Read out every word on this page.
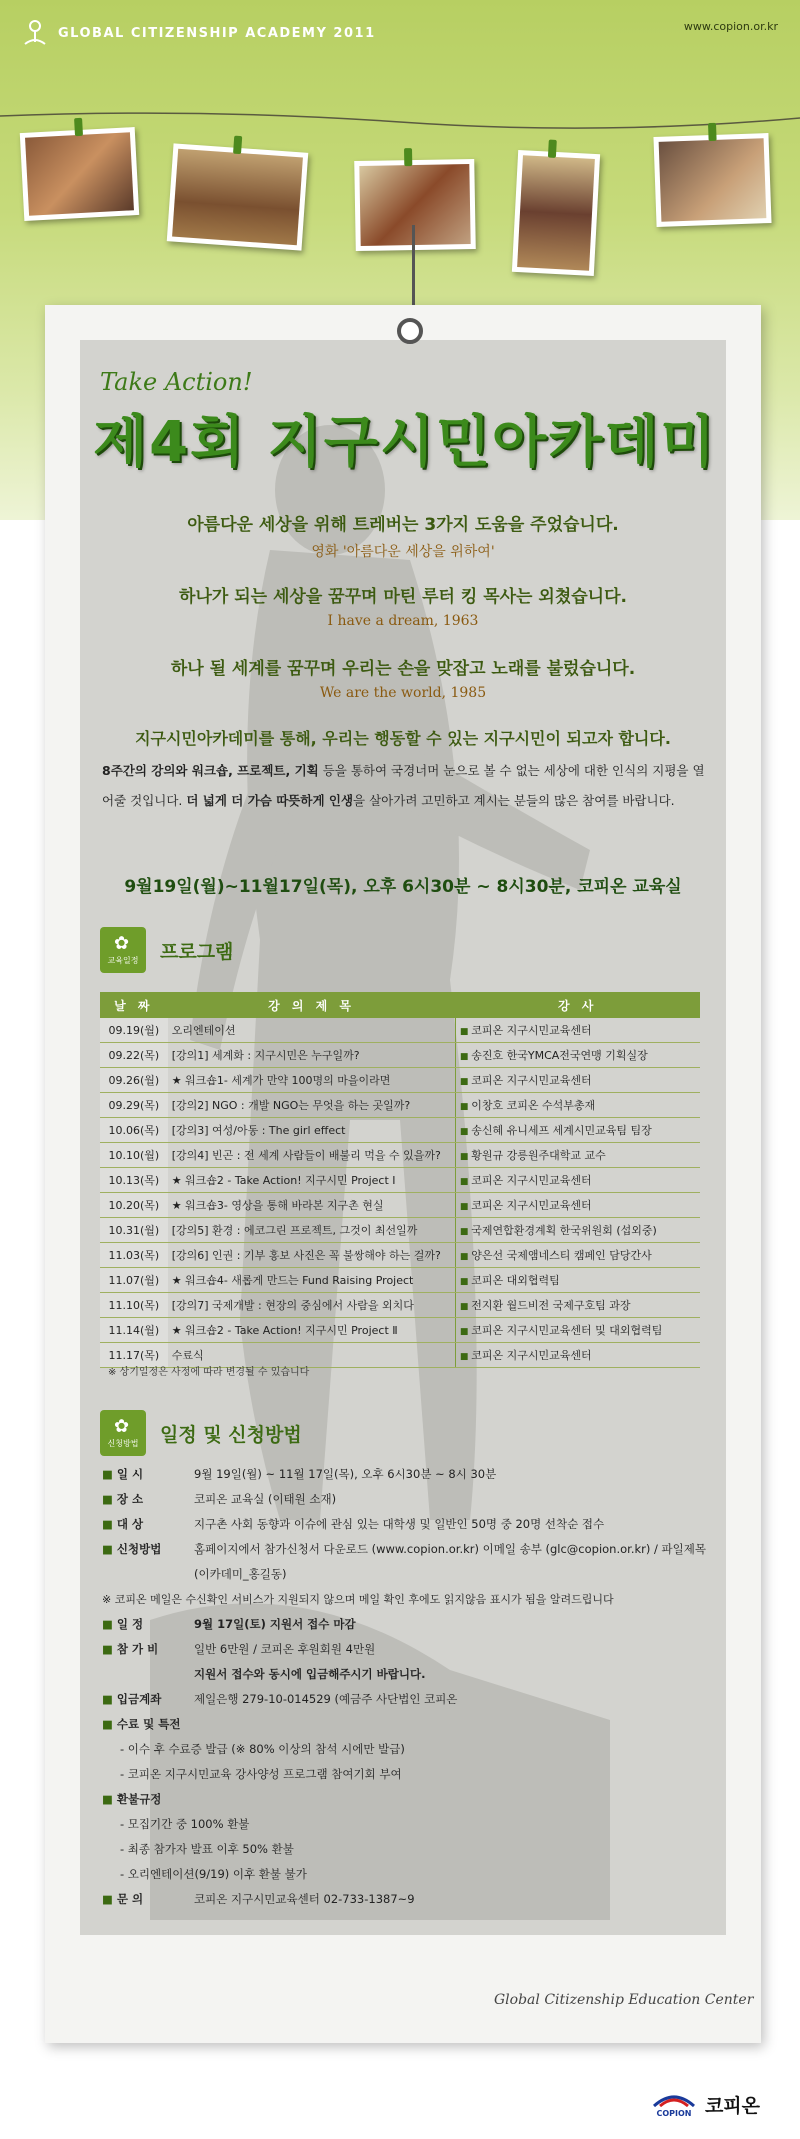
GLOBAL CITIZENSHIP ACADEMY 2011	www.copion.or.kr
Take Action!
제4회 지구시민아카데미
아름다운 세상을 위해 트레버는 3가지 도움을 주었습니다.
영화 '아름다운 세상을 위하여'
하나가 되는 세상을 꿈꾸며 마틴 루터 킹 목사는 외쳤습니다.
I have a dream, 1963
하나 될 세계를 꿈꾸며 우리는 손을 맞잡고 노래를 불렀습니다.
We are the world, 1985
지구시민아카데미를 통해, 우리는 행동할 수 있는 지구시민이 되고자 합니다.
8주간의 강의와 워크숍, 프로젝트, 기획 등을 통하여 국경너머 눈으로 볼 수 없는 세상에 대한 인식의 지평을 열어줄 것입니다. 더 넓게 더 가슴 따뜻하게 인생을 살아가려 고민하고 계시는 분들의 많은 참여를 바랍니다.
9월19일(월)~11월17일(목), 오후 6시30분 ~ 8시30분, 코피온 교육실
✿
교육일정	프로그램
날 짜	강 의 제 목	강 사
09.19(월)	오리엔테이션	■ 코피온 지구시민교육센터
09.22(목)	[강의1] 세계화 : 지구시민은 누구일까?	■ 송진호 한국YMCA전국연맹 기획실장
09.26(월)	★ 워크숍1- 세계가 만약 100명의 마을이라면	■ 코피온 지구시민교육센터
09.29(목)	[강의2] NGO : 개발 NGO는 무엇을 하는 곳일까?	■ 이창호 코피온 수석부총재
10.06(목)	[강의3] 여성/아동 : The girl effect	■ 송신혜 유니세프 세계시민교육팀 팀장
10.10(월)	[강의4] 빈곤 : 전 세계 사람들이 배불리 먹을 수 있을까?	■ 황원규 강릉원주대학교 교수
10.13(목)	★ 워크숍2 - Take Action! 지구시민 Project Ⅰ	■ 코피온 지구시민교육센터
10.20(목)	★ 워크숍3- 영상을 통해 바라본 지구촌 현실	■ 코피온 지구시민교육센터
10.31(월)	[강의5] 환경 : 에코그린 프로젝트, 그것이 최선일까	■ 국제연합환경계획 한국위원회 (섭외중)
11.03(목)	[강의6] 인권 : 기부 홍보 사진은 꼭 불쌍해야 하는 걸까?	■ 양은선 국제앰네스티 캠페인 담당간사
11.07(월)	★ 워크숍4- 새롭게 만드는 Fund Raising Project	■ 코피온 대외협력팀
11.10(목)	[강의7] 국제개발 : 현장의 중심에서 사람을 외치다	■ 전지환 월드비전 국제구호팀 과장
11.14(월)	★ 워크숍2 - Take Action! 지구시민 Project Ⅱ	■ 코피온 지구시민교육센터 및 대외협력팀
11.17(목)	수료식	■ 코피온 지구시민교육센터
※ 상기일정은 사정에 따라 변경될 수 있습니다
✿
신청방법	일정 및 신청방법
■ 일 시	9월 19일(월) ~ 11월 17일(목), 오후 6시30분 ~ 8시 30분
■ 장 소	코피온 교육실 (이태원 소재)
■ 대 상	지구촌 사회 동향과 이슈에 관심 있는 대학생 및 일반인 50명 중 20명 선착순 접수
■ 신청방법	홈페이지에서 참가신청서 다운로드 (www.copion.or.kr) 이메일 송부 (glc@copion.or.kr) / 파일제목
(이카데미_홍길동)
※ 코피온 메일은 수신확인 서비스가 지원되지 않으며 메일 확인 후에도 읽지않음 표시가 됨을 알려드립니다
■ 일 정	9월 17일(토) 지원서 접수 마감
■ 참 가 비	일반 6만원 / 코피온 후원회원 4만원
지원서 접수와 동시에 입금해주시기 바랍니다.
■ 입금계좌	제일은행 279-10-014529 (예금주 사단법인 코피온
■ 수료 및 특전
- 이수 후 수료증 발급 (※ 80% 이상의 참석 시에만 발급)
- 코피온 지구시민교육 강사양성 프로그램 참여기회 부여
■ 환불규정
- 모집기간 중 100% 환불
- 최종 참가자 발표 이후 50% 환불
- 오리엔테이션(9/19) 이후 환불 불가
■ 문 의	코피온 지구시민교육센터 02-733-1387~9
Global Citizenship Education Center
COPION 코피온
